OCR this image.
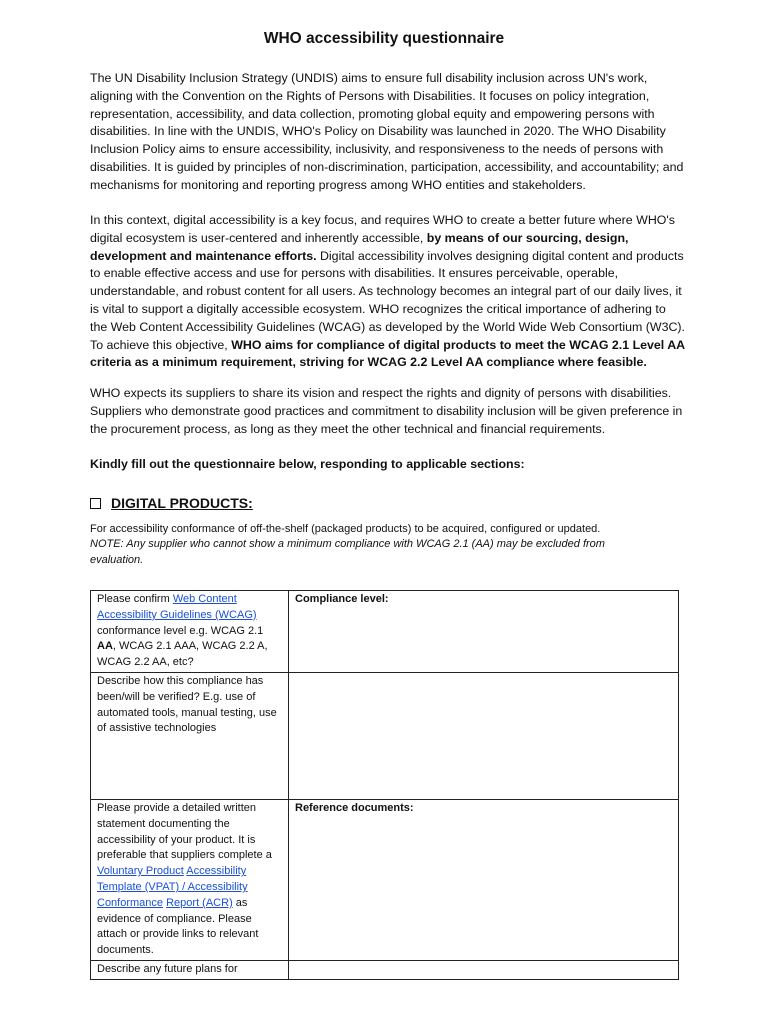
WHO accessibility questionnaire
The UN Disability Inclusion Strategy (UNDIS) aims to ensure full disability inclusion across UN's work, aligning with the Convention on the Rights of Persons with Disabilities. It focuses on policy integration, representation, accessibility, and data collection, promoting global equity and empowering persons with disabilities. In line with the UNDIS, WHO's Policy on Disability was launched in 2020. The WHO Disability Inclusion Policy aims to ensure accessibility, inclusivity, and responsiveness to the needs of persons with disabilities. It is guided by principles of non-discrimination, participation, accessibility, and accountability; and mechanisms for monitoring and reporting progress among WHO entities and stakeholders.
In this context, digital accessibility is a key focus, and requires WHO to create a better future where WHO's digital ecosystem is user-centered and inherently accessible, by means of our sourcing, design, development and maintenance efforts. Digital accessibility involves designing digital content and products to enable effective access and use for persons with disabilities. It ensures perceivable, operable, understandable, and robust content for all users. As technology becomes an integral part of our daily lives, it is vital to support a digitally accessible ecosystem. WHO recognizes the critical importance of adhering to the Web Content Accessibility Guidelines (WCAG) as developed by the World Wide Web Consortium (W3C). To achieve this objective, WHO aims for compliance of digital products to meet the WCAG 2.1 Level AA criteria as a minimum requirement, striving for WCAG 2.2 Level AA compliance where feasible.
WHO expects its suppliers to share its vision and respect the rights and dignity of persons with disabilities. Suppliers who demonstrate good practices and commitment to disability inclusion will be given preference in the procurement process, as long as they meet the other technical and financial requirements.
Kindly fill out the questionnaire below, responding to applicable sections:
DIGITAL PRODUCTS:
For accessibility conformance of off-the-shelf (packaged products) to be acquired, configured or updated.
NOTE: Any supplier who cannot show a minimum compliance with WCAG 2.1 (AA) may be excluded from evaluation.
Please confirm Web Content Accessibility Guidelines (WCAG) conformance level e.g. WCAG 2.1 AA, WCAG 2.1 AAA, WCAG 2.2 A, WCAG 2.2 AA, etc?	Compliance level:
Describe how this compliance has been/will be verified? E.g. use of automated tools, manual testing, use of assistive technologies	
Please provide a detailed written statement documenting the accessibility of your product. It is preferable that suppliers complete a Voluntary Product Accessibility Template (VPAT) / Accessibility Conformance Report (ACR) as evidence of compliance. Please attach or provide links to relevant documents.	Reference documents:
Describe any future plans for	
